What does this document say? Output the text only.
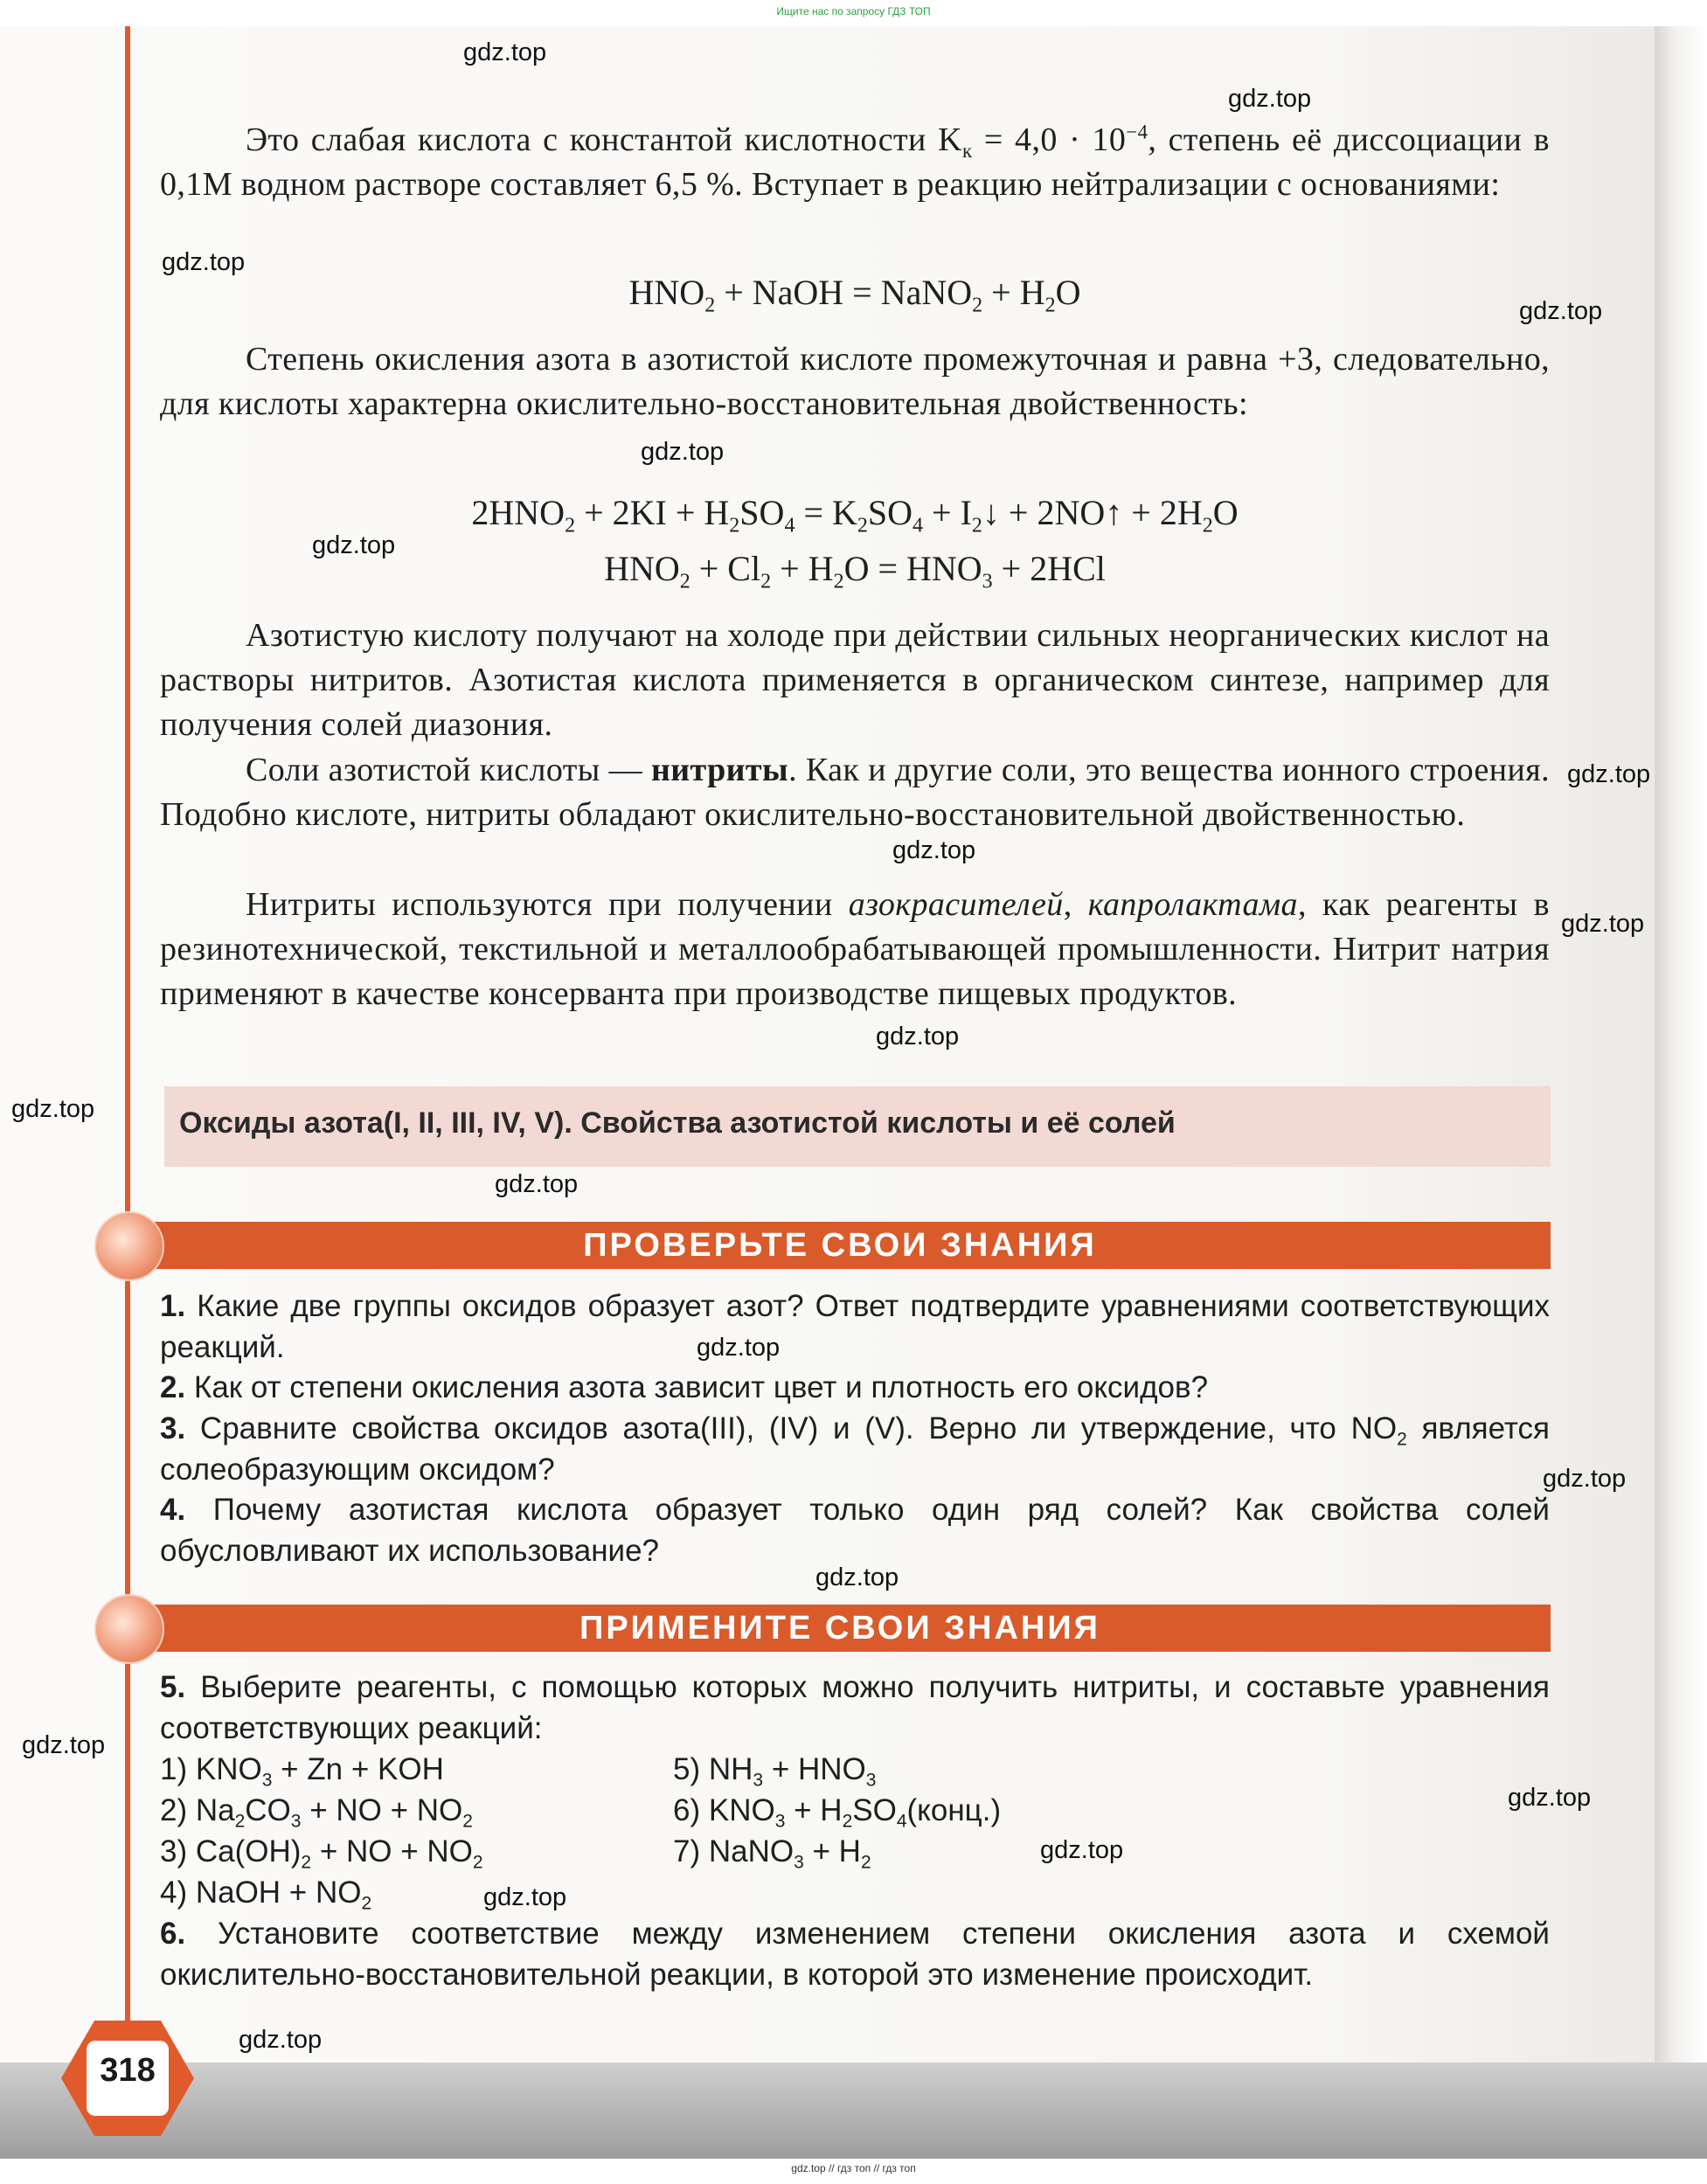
Ищите нас по запросу ГДЗ ТОП
Это слабая кислота с константой кислотности $K_к = 4,0 \cdot 10^{-4}$, степень её диссоциации в 0,1М водном растворе составляет 6,5 %. Вступает в реакцию нейтрализации с основаниями:
$HNO_2$ + NaOH = NaNO$_2$ + $H_2O$
Степень окисления азота в азотистой кислоте промежуточная и равна +3, следовательно, для кислоты характерна окислительно-восстановительная двойственность:
$2HNO_2 + 2KI + H_2SO_4 = K_2SO_4$ + $I_2↓$ + 2NO↑ + $2H_2O$
$HNO_2 + Cl_2 + H_2O = HNO_3 + 2HCl$
Азотистую кислоту получают на холоде при действии сильных неорганических кислот на растворы нитритов. Азотистая кислота применяется в органическом синтезе, например для получения солей диазония.
Соли азотистой кислоты — нитриты. Как и другие соли, это вещества ионного строения. Подобно кислоте, нитриты обладают окислительно-восстановительной двойственностью.
Нитриты используются при получении азокрасителей, капролактама, как реагенты в резинотехнической, текстильной и металлообрабатывающей промышленности. Нитрит натрия применяют в качестве консерванта при производстве пищевых продуктов.
Оксиды азота(I, II, III, IV, V). Свойства азотистой кислоты и её солей
ПРОВЕРЬТЕ СВОИ ЗНАНИЯ
1. Какие две группы оксидов образует азот? Ответ подтвердите уравнениями соответствующих реакций.
2. Как от степени окисления азота зависит цвет и плотность его оксидов?
3. Сравните свойства оксидов азота(III), (IV) и (V). Верно ли утверждение, что $NO_2$ является солеобразующим оксидом?
4. Почему азотистая кислота образует только один ряд солей? Как свойства солей обусловливают их использование?
ПРИМЕНИТЕ СВОИ ЗНАНИЯ
5. Выберите реагенты, с помощью которых можно получить нитриты, и составьте уравнения соответствующих реакций:
1) $KNO_3 + Zn$ + KOH
2) $Na_2CO_3$ + NO + $NO_2$
3) $Ca(OH)_2$ + NO + $NO_2$
4) NaOH + $NO_2$
5) $NH_3 + HNO_3$
6) $KNO_3$ + $H_2SO_4(конц.)$
7) NaNO$_3$ + $H_2$
6. Установите соответствие между изменением степени окисления азота и схемой окислительно-восстановительной реакции, в которой это изменение происходит.
318
gdz.top
gdz.top
gdz.top
gdz.top
gdz.top
gdz.top
gdz.top
gdz.top
gdz.top
gdz.top
gdz.top
gdz.top
gdz.top
gdz.top
gdz.top
gdz.top
gdz.top
gdz.top
gdz.top
gdz.top
gdz.top // гдз топ // гдз топ
